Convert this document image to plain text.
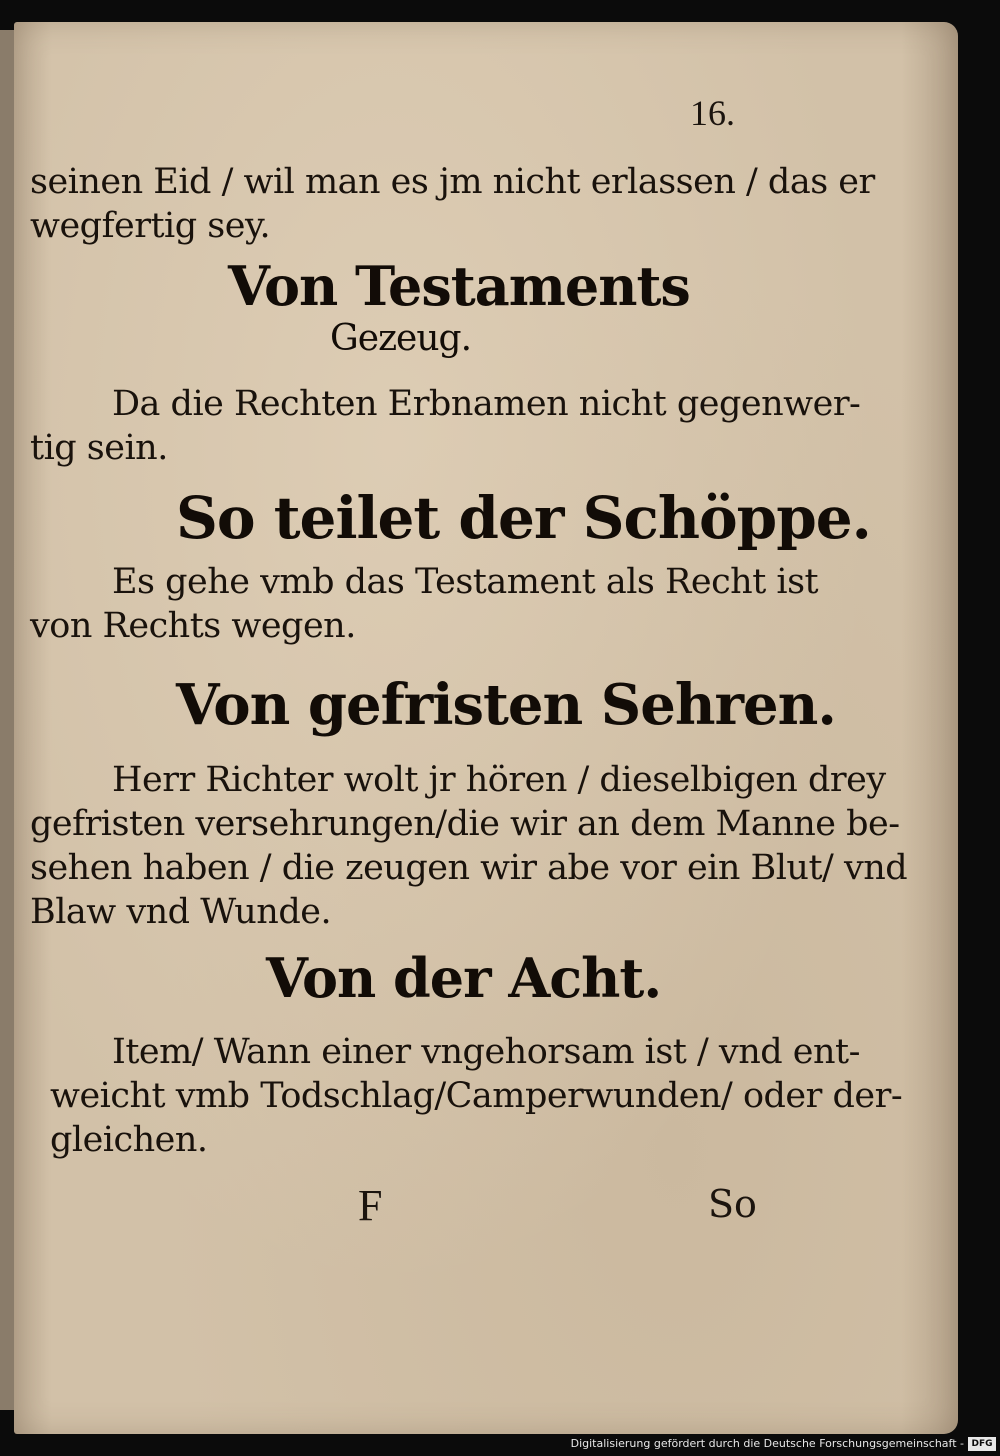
16.
seinen Eid / wil man es jm nicht erlassen / das er
wegfertig sey.
Von Testaments
Gezeug.
Da die Rechten Erbnamen nicht gegenwer-
tig sein.
So teilet der Schöppe.
Es gehe vmb das Testament als Recht ist
von Rechts wegen.
Von gefristen Sehren.
Herr Richter wolt jr hören / dieselbigen drey
gefristen versehrungen/die wir an dem Manne be-
sehen haben / die zeugen wir abe vor ein Blut/ vnd
Blaw vnd Wunde.
Von der Acht.
Item/ Wann einer vngehorsam ist / vnd ent-
weicht vmb Todschlag/Camperwunden/ oder der-
gleichen.
F	So
Digitalisierung gefördert durch die Deutsche Forschungsgemeinschaft - DFG
